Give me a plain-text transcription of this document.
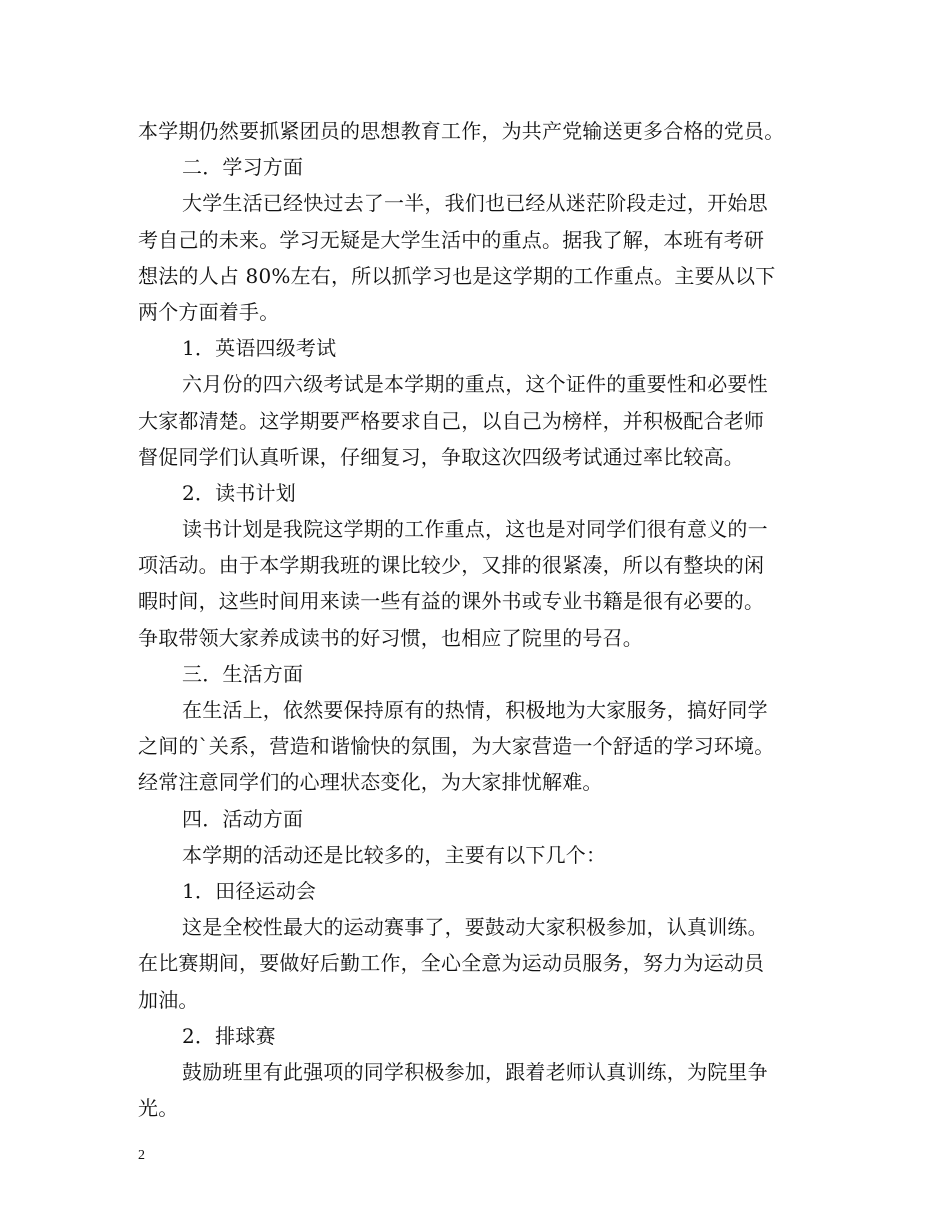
本学期仍然要抓紧团员的思想教育工作，为共产党输送更多合格的党员。
二．学习方面
大学生活已经快过去了一半，我们也已经从迷茫阶段走过，开始思
考自己的未来。学习无疑是大学生活中的重点。据我了解，本班有考研
想法的人占 80%左右，所以抓学习也是这学期的工作重点。主要从以下
两个方面着手。
1．英语四级考试
六月份的四六级考试是本学期的重点，这个证件的重要性和必要性
大家都清楚。这学期要严格要求自己，以自己为榜样，并积极配合老师
督促同学们认真听课，仔细复习，争取这次四级考试通过率比较高。
2．读书计划
读书计划是我院这学期的工作重点，这也是对同学们很有意义的一
项活动。由于本学期我班的课比较少，又排的很紧凑，所以有整块的闲
暇时间，这些时间用来读一些有益的课外书或专业书籍是很有必要的。
争取带领大家养成读书的好习惯，也相应了院里的号召。
三．生活方面
在生活上，依然要保持原有的热情，积极地为大家服务，搞好同学
之间的`关系，营造和谐愉快的氛围，为大家营造一个舒适的学习环境。
经常注意同学们的心理状态变化，为大家排忧解难。
四．活动方面
本学期的活动还是比较多的，主要有以下几个：
1．田径运动会
这是全校性最大的运动赛事了，要鼓动大家积极参加，认真训练。
在比赛期间，要做好后勤工作，全心全意为运动员服务，努力为运动员
加油。
2．排球赛
鼓励班里有此强项的同学积极参加，跟着老师认真训练，为院里争
光。
2
